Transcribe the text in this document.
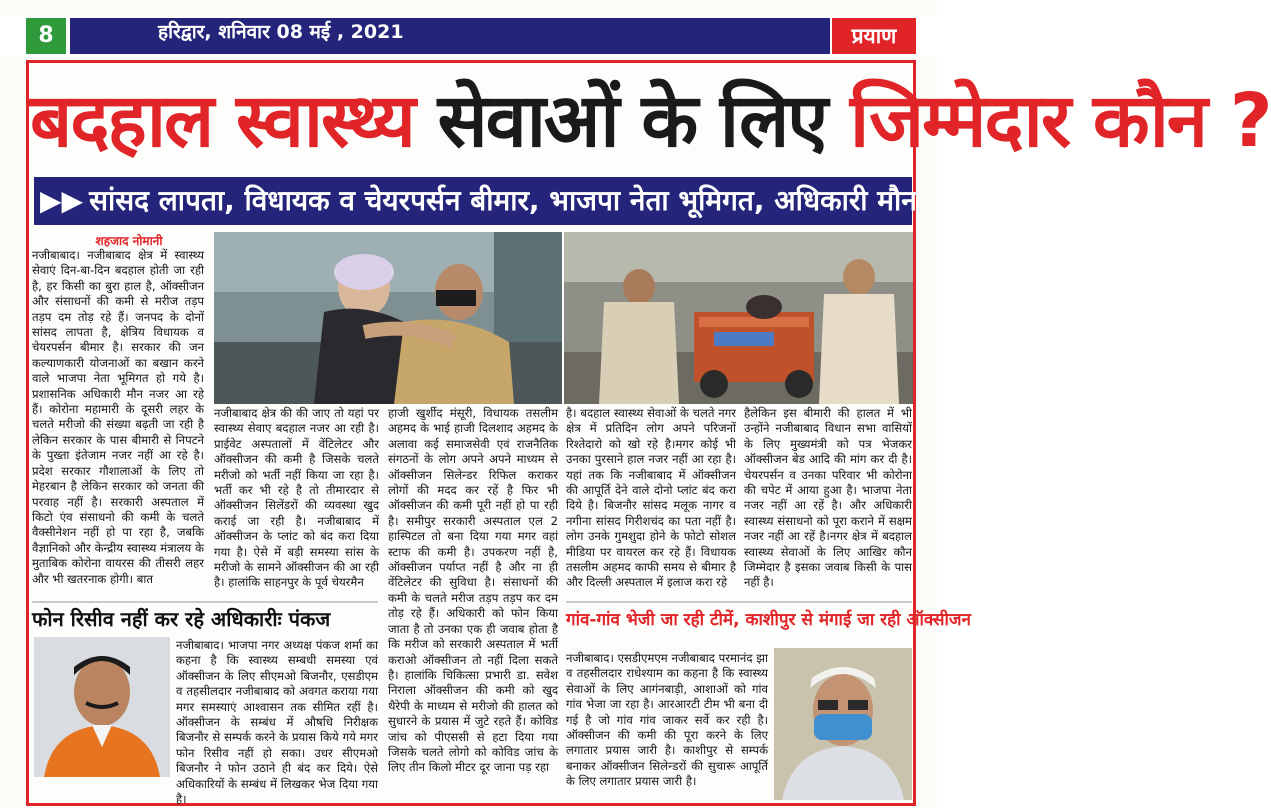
8	हरिद्वार, शनिवार 08 मई , 2021	प्रयाण
बदहाल स्वास्थ्य सेवाओं के लिए जिम्मेदार कौन ?
▶▶ सांसद लापता, विधायक व चेयरपर्सन बीमार, भाजपा नेता भूमिगत, अधिकारी मौन
शहजाद नोमानी
नजीबाबाद। नजीबाबाद क्षेत्र में स्वास्थ्य सेवाएं दिन-बा-दिन बदहाल होती जा रही है, हर किसी का बुरा हाल है, ऑक्सीजन और संसाधनों की कमी से मरीज तड़प तड़प दम तोड़ रहे हैं। जनपद के दोनों सांसद लापता है, क्षेत्रिय विधायक व चेयरपर्सन बीमार है। सरकार की जन कल्याणकारी योजनाओं का बखान करने वाले भाजपा नेता भूमिगत हो गये है। प्रशासनिक अधिकारी मौन नजर आ रहे हैं। कोरोना महामारी के दूसरी लहर के चलते मरीजो की संख्या बढ़ती जा रही है लेकिन सरकार के पास बीमारी से निपटने के पुख्ता इंतेजाम नजर नहीं आ रहे है। प्रदेश सरकार गौशालाओं के लिए तो मेहरबान है लेकिन सरकार को जनता की परवाह नहीं है। सरकारी अस्पताल में किटो एंव संसाधनो की कमी के चलते वैक्सीनेशन नहीं हो पा रहा है, जबकि वैज्ञानिको और केन्द्रीय स्वास्थ्य मंत्रालय के मुताबिक कोरोना वायरस की तीसरी लहर और भी खतरनाक होगी। बात
नजीबाबाद क्षेत्र की की जाए तो यहां पर स्वास्थ्य सेवाए बदहाल नजर आ रही है। प्राईवेट अस्पतालों में वेंटिलेटर और ऑक्सीजन की कमी है जिसके चलते मरीजो को भर्ती नहीं किया जा रहा है। भर्ती कर भी रहे है तो तीमारदार से ऑक्सीजन सिलेंडरों की व्यवस्था खुद कराई जा रही है। नजीबाबाद में ऑक्सीजन के प्लांट को बंद करा दिया गया है। ऐसे में बड़ी समस्या सांस के मरीजो के सामने ऑक्सीजन की आ रही है। हालांकि साहनपुर के पूर्व चेयरमैन
हाजी खुर्शीद मंसूरी, विधायक तसलीम अहमद के भाई हाजी दिलशाद अहमद के अलावा कई समाजसेवी एवं राजनैतिक संगठनों के लोग अपने अपने माध्यम से ऑक्सीजन सिलेन्डर रिफिल कराकर लोगों की मदद कर रहें है फिर भी ऑक्सीजन की कमी पूरी नहीं हो पा रही है। समीपुर सरकारी अस्पताल एल 2 हास्पिटल तो बना दिया गया मगर वहां स्टाफ की कमी है। उपकरण नहीं है, ऑक्सीजन पर्याप्त नहीं है और ना ही वेंटिलेटर की सुविधा है। संसाधनों की कमी के चलते मरीज तड़प तड़प कर दम तोड़ रहे हैं। अधिकारी को फोन किया जाता है तो उनका एक ही जवाब होता है कि मरीज को सरकारी अस्पताल में भर्ती कराओ ऑक्सीजन तो नहीं दिला सकते है। हालांकि चिकित्सा प्रभारी डा. सवेश निराला ऑक्सीजन की कमी को खुद थैरेपी के माध्यम से मरीजो की हालत को सुधारने के प्रयास में जुटे रहते हैं। कोविड जांच को पीएससी से हटा दिया गया जिसके चलते लोगो को कोविड जांच के लिए तीन किलो मीटर दूर जाना पड़ रहा
है। बदहाल स्वास्थ्य सेवाओं के चलते नगर क्षेत्र में प्रतिदिन लोग अपने परिजनों रिश्तेदारो को खो रहे है।मगर कोई भी उनका पुरसाने हाल नजर नहीं आ रहा है। यहां तक कि नजीबाबाद में ऑक्सीजन की आपूर्ति देने वाले दोनो प्लांट बंद करा दिये है। बिजनौर सांसद मलूक नागर व नगीना सांसद गिरीशचंद का पता नहीं है। लोग उनके गुमशुदा होने के फोटो सोशल मीडिया पर वायरल कर रहे हैं। विधायक तसलीम अहमद काफी समय से बीमार है और दिल्ली अस्पताल में इलाज करा रहे
हैलेकिन इस बीमारी की हालत में भी उन्होंने नजीबाबाद विधान सभा वासियों के लिए मुख्यमंत्री को पत्र भेजकर ऑक्सीजन बेड आदि की मांग कर दी है।चेयरपर्सन व उनका परिवार भी कोरोना की चपेट में आया हुआ है। भाजपा नेता नजर नहीं आ रहें है। और अधिकारी स्वास्थ्य संसाधनो को पूरा कराने में सक्षम नजर नहीं आ रहें है।नगर क्षेत्र में बदहाल स्वास्थ्य सेवाओं के लिए आखिर कौन जिम्मेदार है इसका जवाब किसी के पास नहीं है।
फोन रिसीव नहीं कर रहे अधिकारीः पंकज
नजीबाबाद। भाजपा नगर अध्यक्ष पंकज शर्मा का कहना है कि स्वास्थ्य सम्बधी समस्या एवं ऑक्सीजन के लिए सीएमओ बिजनौर, एसडीएम व तहसीलदार नजीबाबाद को अवगत कराया गया मगर समस्याएं आश्वासन तक सीमित रहीं है। ऑक्सीजन के सम्बंध में औषधि निरीक्षक बिजनौर से सम्पर्क करने के प्रयास किये गये मगर फोन रिसीव नहीं हो सका। उधर सीएमओ बिजनौर ने फोन उठाने ही बंद कर दिये। ऐसे अधिकारियों के सम्बंध में लिखकर भेज दिया गया है।
गांव-गांव भेजी जा रही टीमें, काशीपुर से मंगाई जा रही ऑक्सीजन
नजीबाबाद। एसडीएमएम नजीबाबाद परमानंद झा व तहसीलदार राधेश्याम का कहना है कि स्वास्थ्य सेवाओं के लिए आगंनबाड़ी, आशाओं को गांव गांव भेजा जा रहा है। आरआरटी टीम भी बना दी गई है जो गांव गांव जाकर सर्वे कर रही है। ऑक्सीजन की कमी की पूरा करने के लिए लगातार प्रयास जारी है। काशीपुर से सम्पर्क बनाकर ऑक्सीजन सिलेन्डरों की सुचारू आपूर्ति के लिए लगातार प्रयास जारी है।
